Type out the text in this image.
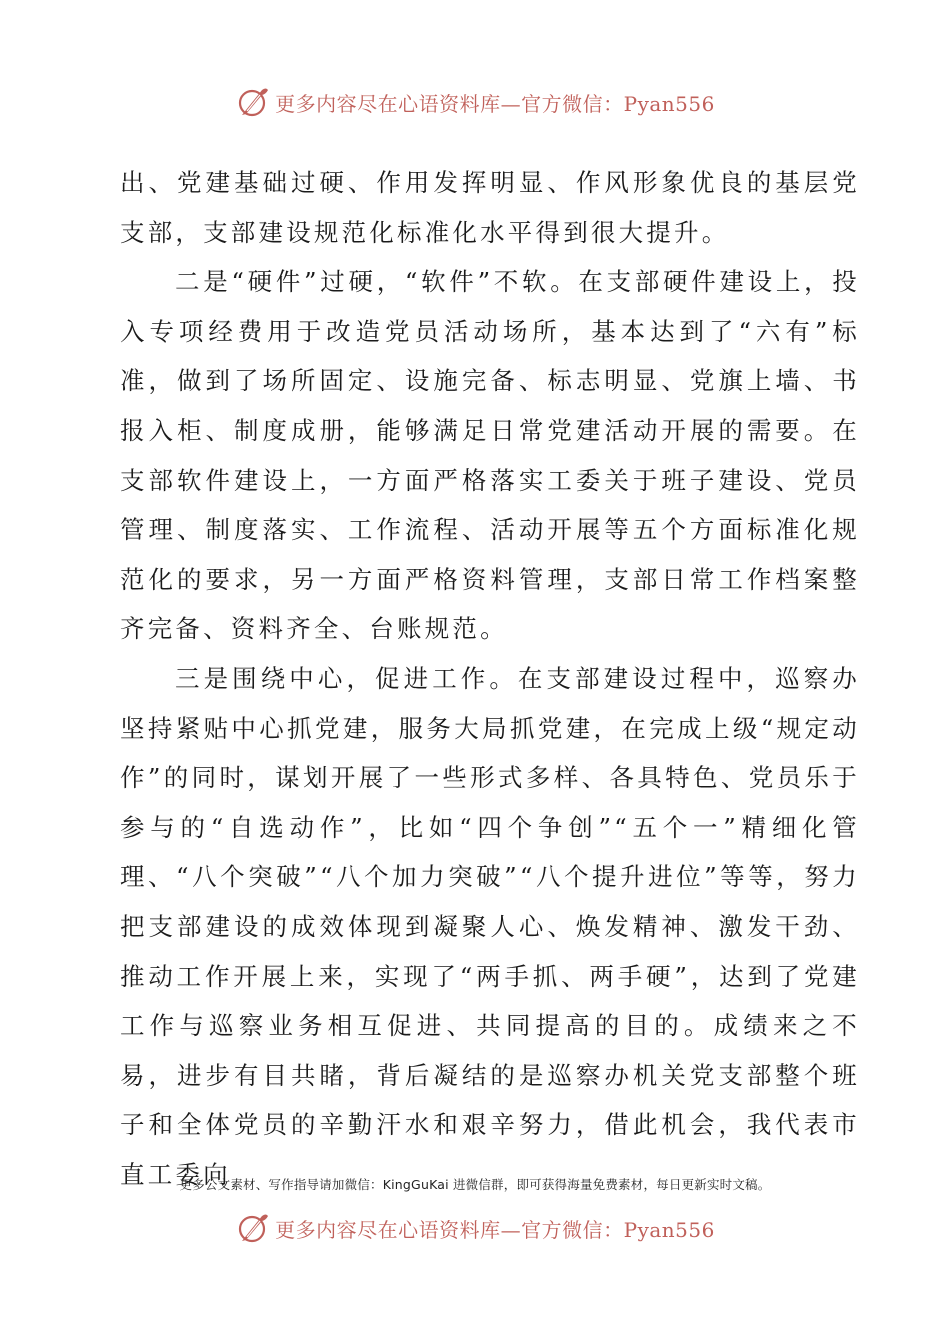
更多内容尽在心语资料库—官方微信：Pyan556

出、党建基础过硬、作用发挥明显、作风形象优良的基层党支部，支部建设规范化标准化水平得到很大提升。

二是“硬件”过硬，“软件”不软。在支部硬件建设上，投入专项经费用于改造党员活动场所，基本达到了“六有”标准，做到了场所固定、设施完备、标志明显、党旗上墙、书报入柜、制度成册，能够满足日常党建活动开展的需要。在支部软件建设上，一方面严格落实工委关于班子建设、党员管理、制度落实、工作流程、活动开展等五个方面标准化规范化的要求，另一方面严格资料管理，支部日常工作档案整齐完备、资料齐全、台账规范。

三是围绕中心，促进工作。在支部建设过程中，巡察办坚持紧贴中心抓党建，服务大局抓党建，在完成上级“规定动作”的同时，谋划开展了一些形式多样、各具特色、党员乐于参与的“自选动作”，比如“四个争创”“五个一”精细化管理、“八个突破”“八个加力突破”“八个提升进位”等等，努力把支部建设的成效体现到凝聚人心、焕发精神、激发干劲、推动工作开展上来，实现了“两手抓、两手硬”，达到了党建工作与巡察业务相互促进、共同提高的目的。成绩来之不易，进步有目共睹，背后凝结的是巡察办机关党支部整个班子和全体党员的辛勤汗水和艰辛努力，借此机会，我代表市直工委向

更多公文素材、写作指导请加微信：KingGuKai 进微信群，即可获得海量免费素材，每日更新实时文稿。
更多内容尽在心语资料库—官方微信：Pyan556
